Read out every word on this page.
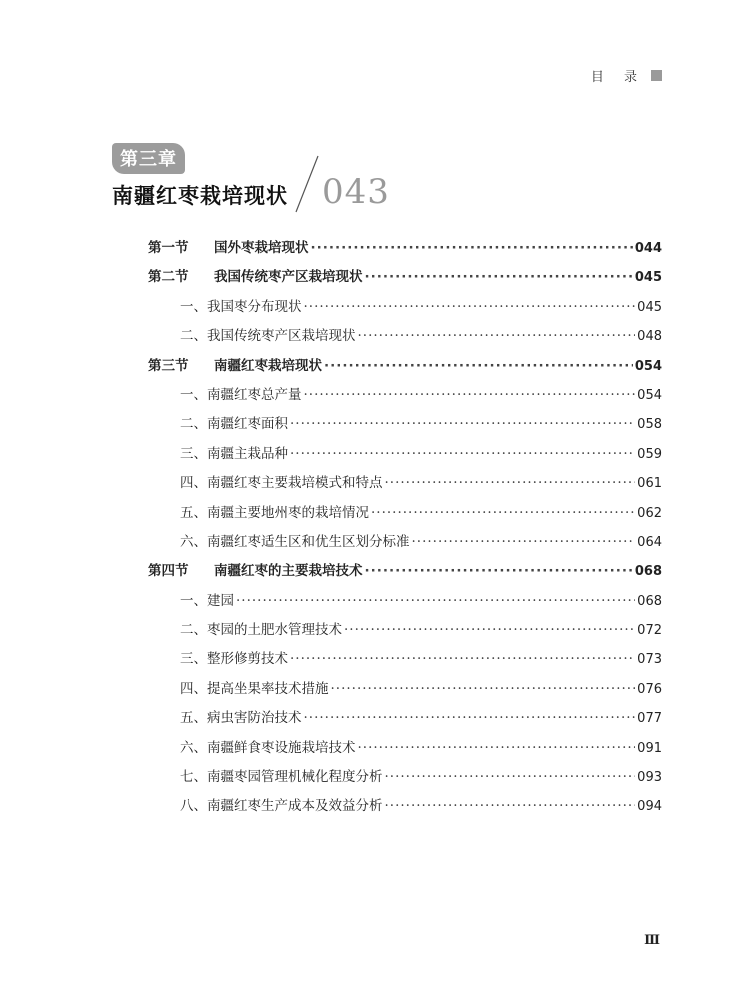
目 录
第三章
南疆红枣栽培现状 043
第一节	国外枣栽培现状 ·····	044
第二节	我国传统枣产区栽培现状 ·····	045
一、我国枣分布现状 ·····	045
二、我国传统枣产区栽培现状 ·····	048
第三节	南疆红枣栽培现状 ·····	054
一、南疆红枣总产量 ·····	054
二、南疆红枣面积 ·····	058
三、南疆主栽品种 ·····	059
四、南疆红枣主要栽培模式和特点 ·····	061
五、南疆主要地州枣的栽培情况 ·····	062
六、南疆红枣适生区和优生区划分标准 ·····	064
第四节	南疆红枣的主要栽培技术 ·····	068
一、建园 ·····	068
二、枣园的土肥水管理技术 ·····	072
三、整形修剪技术 ·····	073
四、提高坐果率技术措施 ·····	076
五、病虫害防治技术 ·····	077
六、南疆鲜食枣设施栽培技术 ·····	091
七、南疆枣园管理机械化程度分析 ·····	093
八、南疆红枣生产成本及效益分析 ·····	094
Ⅲ
